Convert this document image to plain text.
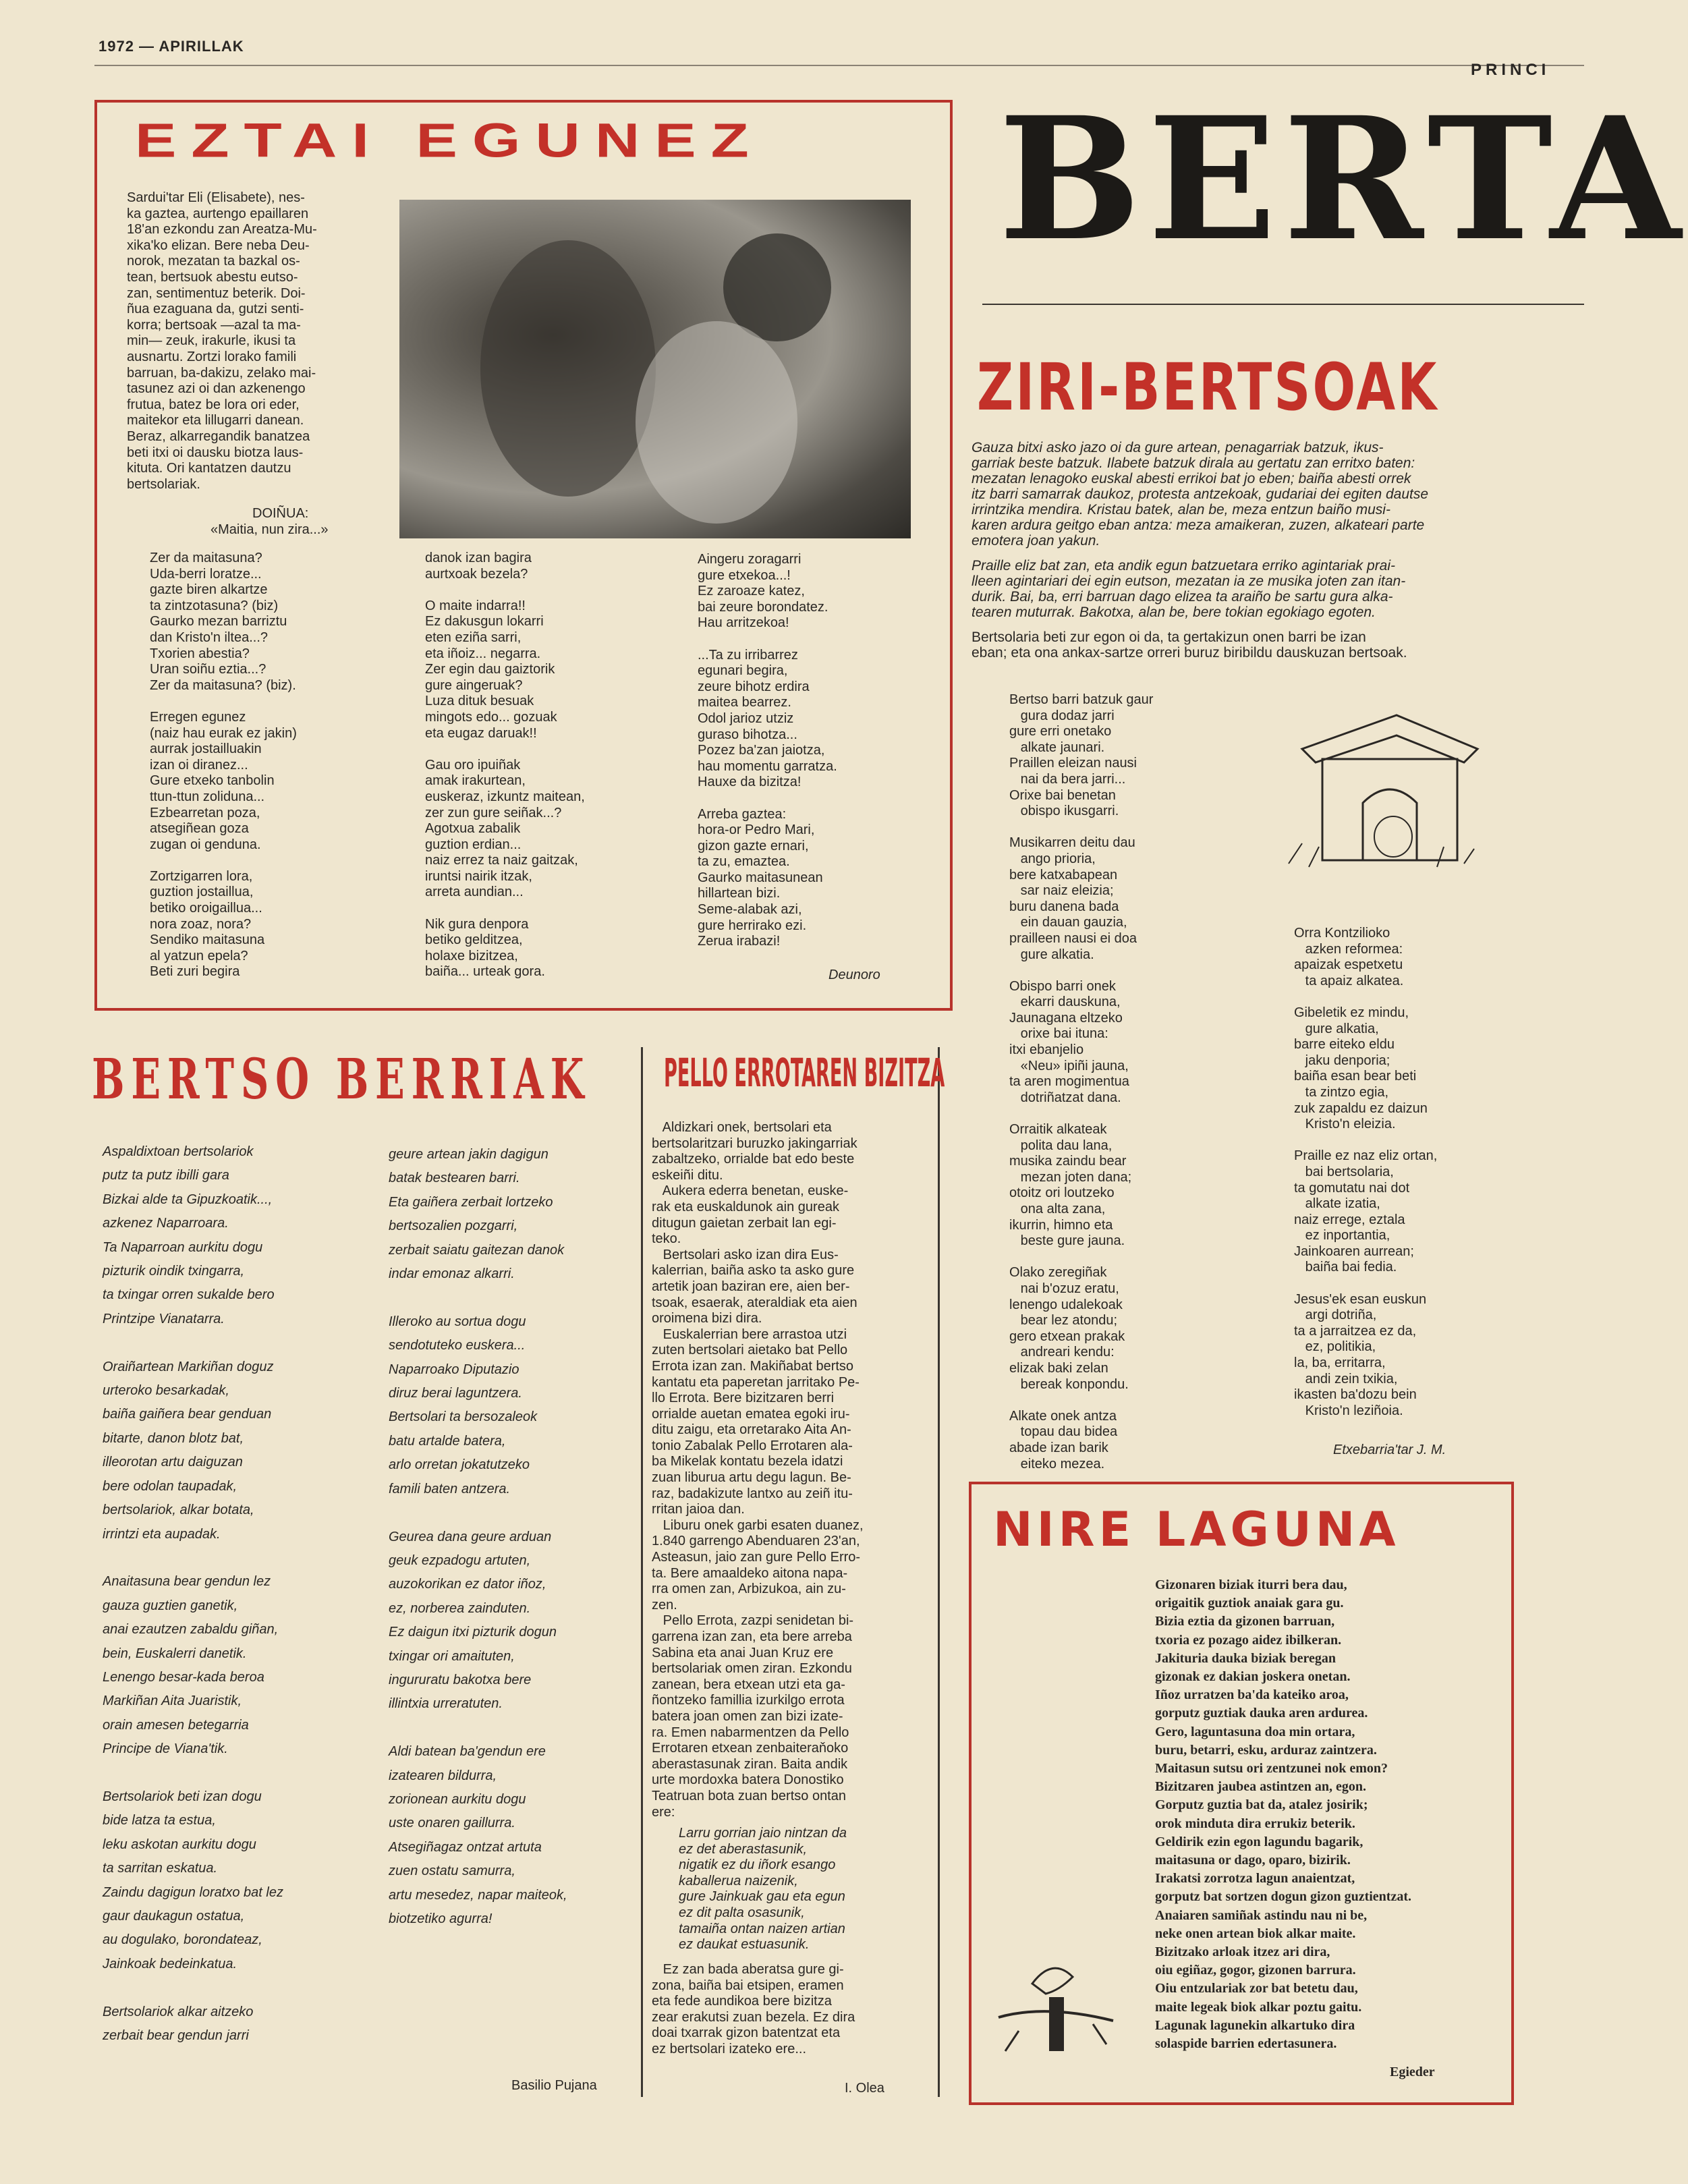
1972 — APIRILLAK
PRINCI
EZTAI EGUNEZ
Sardui'tar Eli (Elisabete), nes-
ka gaztea, aurtengo epaillaren
18'an ezkondu zan Areatza-Mu-
xika'ko elizan. Bere neba Deu-
norok, mezatan ta bazkal os-
tean, bertsuok abestu eutso-
zan, sentimentuz beterik. Doi-
ñua ezaguana da, gutzi senti-
korra; bertsoak —azal ta ma-
min— zeuk, irakurle, ikusi ta
ausnartu. Zortzi lorako famili
barruan, ba-dakizu, zelako mai-
tasunez azi oi dan azkenengo
frutua, batez be lora ori eder,
maitekor eta lillugarri danean.
Beraz, alkarregandik banatzea
beti itxi oi dausku biotza laus-
kituta. Ori kantatzen dautzu
bertsolariak.
DOIÑUA:
«Maitia, nun zira...»
Zer da maitasuna?
Uda-berri loratze...
gazte biren alkartze
ta zintzotasuna? (biz)
Gaurko mezan barriztu
dan Kristo'n iltea...?
Txorien abestia?
Uran soiñu eztia...?
Zer da maitasuna? (biz).

Erregen egunez
(naiz hau eurak ez jakin)
aurrak jostailluakin
izan oi diranez...
Gure etxeko tanbolin
ttun-ttun zoliduna...
Ezbearretan poza,
atsegiñean goza
zugan oi genduna.

Zortzigarren lora,
guztion jostaillua,
betiko oroigaillua...
nora zoaz, nora?
Sendiko maitasuna
al yatzun epela?
Beti zuri begira
danok izan bagira
aurtxoak bezela?

O maite indarra!!
Ez dakusgun lokarri
eten eziña sarri,
eta iñoiz... negarra.
Zer egin dau gaiztorik
gure aingeruak?
Luza dituk besuak
mingots edo... gozuak
eta eugaz daruak!!

Gau oro ipuiñak
amak irakurtean,
euskeraz, izkuntz maitean,
zer zun gure seiñak...?
Agotxua zabalik
guztion erdian...
naiz errez ta naiz gaitzak,
iruntsi nairik itzak,
arreta aundian...

Nik gura denpora
betiko gelditzea,
holaxe bizitzea,
baiña... urteak gora.
Aingeru zoragarri
gure etxekoa...!
Ez zaroaze katez,
bai zeure borondatez.
Hau arritzekoa!

...Ta zu irribarrez
egunari begira,
zeure bihotz erdira
maitea bearrez.
Odol jarioz utziz
guraso bihotza...
Pozez ba'zan jaiotza,
hau momentu garratza.
Hauxe da bizitza!

Arreba gaztea:
hora-or Pedro Mari,
gizon gazte ernari,
ta zu, emaztea.
Gaurko maitasunean
hillartean bizi.
Seme-alabak azi,
gure herrirako ezi.
Zerua irabazi!
Deunoro
BERTA
ZIRI-BERTSOAK
Gauza bitxi asko jazo oi da gure artean, penagarriak batzuk, ikus-
garriak beste batzuk. Ilabete batzuk dirala au gertatu zan erritxo baten:
mezatan lenagoko euskal abesti errikoi bat jo eben; baiña abesti orrek
itz barri samarrak daukoz, protesta antzekoak, gudariai dei egiten dautse
irrintzika mendira. Kristau batek, alan be, meza entzun baiño musi-
karen ardura geitgo eban antza: meza amaikeran, zuzen, alkateari parte
emotera joan yakun.
Praille eliz bat zan, eta andik egun batzuetara erriko agintariak prai-
lleen agintariari dei egin eutson, mezatan ia ze musika joten zan itan-
durik. Bai, ba, erri barruan dago elizea ta araiño be sartu gura alka-
tearen muturrak. Bakotxa, alan be, bere tokian egokiago egoten.
Bertsolaria beti zur egon oi da, ta gertakizun onen barri be izan
eban; eta ona ankax-sartze orreri buruz biribildu dauskuzan bertsoak.
Bertso barri batzuk gaur
gura dodaz jarri
gure erri onetako
alkate jaunari.
Praillen eleizan nausi
nai da bera jarri...
Orixe bai benetan
obispo ikusgarri.

Musikarren deitu dau
ango prioria,
bere katxabapean
sar naiz eleizia;
buru danena bada
ein dauan gauzia,
prailleen nausi ei doa
gure alkatia.

Obispo barri onek
ekarri dauskuna,
Jaunagana eltzeko
orixe bai ituna:
itxi ebanjelio
«Neu» ipiñi jauna,
ta aren mogimentua
dotriñatzat dana.

Orraitik alkateak
polita dau lana,
musika zaindu bear
mezan joten dana;
otoitz ori loutzeko
ona alta zana,
ikurrin, himno eta
beste gure jauna.

Olako zeregiñak
nai b'ozuz eratu,
lenengo udalekoak
bear lez atondu;
gero etxean prakak
andreari kendu:
elizak baki zelan
bereak konpondu.

Alkate onek antza
topau dau bidea
abade izan barik
eiteko mezea.
Orra Kontzilioko
azken reformea:
apaizak espetxetu
ta apaiz alkatea.

Gibeletik ez mindu,
gure alkatia,
barre eiteko eldu
jaku denporia;
baiña esan bear beti
ta zintzo egia,
zuk zapaldu ez daizun
Kristo'n eleizia.

Praille ez naz eliz ortan,
bai bertsolaria,
ta gomutatu nai dot
alkate izatia,
naiz errege, eztala
ez inportantia,
Jainkoaren aurrean;
baiña bai fedia.

Jesus'ek esan euskun
argi dotriña,
ta a jarraitzea ez da,
ez, politikia,
la, ba, erritarra,
andi zein txikia,
ikasten ba'dozu bein
Kristo'n leziñoia.
Etxebarria'tar J. M.
BERTSO BERRIAK
Aspaldixtoan bertsolariok
putz ta putz ibilli gara
Bizkai alde ta Gipuzkoatik...,
azkenez Naparroara.
Ta Naparroan aurkitu dogu
pizturik oindik txingarra,
ta txingar orren sukalde bero
Printzipe Vianatarra.

Oraiñartean Markiñan doguz
urteroko besarkadak,
baiña gaiñera bear genduan
bitarte, danon blotz bat,
illeorotan artu daiguzan
bere odolan taupadak,
bertsolariok, alkar botata,
irrintzi eta aupadak.

Anaitasuna bear gendun lez
gauza guztien ganetik,
anai ezautzen zabaldu giñan,
bein, Euskalerri danetik.
Lenengo besar-kada beroa
Markiñan Aita Juaristik,
orain amesen betegarria
Principe de Viana'tik.

Bertsolariok beti izan dogu
bide latza ta estua,
leku askotan aurkitu dogu
ta sarritan eskatua.
Zaindu dagigun loratxo bat lez
gaur daukagun ostatua,
au dogulako, borondateaz,
Jainkoak bedeinkatua.

Bertsolariok alkar aitzeko
zerbait bear gendun jarri
geure artean jakin dagigun
batak bestearen barri.
Eta gaiñera zerbait lortzeko
bertsozalien pozgarri,
zerbait saiatu gaitezan danok
indar emonaz alkarri.

Illeroko au sortua dogu
sendotuteko euskera...
Naparroako Diputazio
diruz berai laguntzera.
Bertsolari ta bersozaleok
batu artalde batera,
arlo orretan jokatutzeko
famili baten antzera.

Geurea dana geure arduan
geuk ezpadogu artuten,
auzokorikan ez dator iñoz,
ez, norberea zainduten.
Ez daigun itxi pizturik dogun
txingar ori amaituten,
ingururatu bakotxa bere
illintxia urreratuten.

Aldi batean ba'gendun ere
izatearen bildurra,
zorionean aurkitu dogu
uste onaren gaillurra.
Atsegiñagaz ontzat artuta
zuen ostatu samurra,
artu mesedez, napar maiteok,
biotzetiko agurra!
Basilio Pujana
PELLO ERROTAREN BIZITZA
Aldizkari onek, bertsolari eta
bertsolaritzari buruzko jakingarriak
zabaltzeko, orrialde bat edo beste
eskeiñi ditu.
Aukera ederra benetan, euske-
rak eta euskaldunok ain gureak
ditugun gaietan zerbait lan egi-
teko.
Bertsolari asko izan dira Eus-
kalerrian, baiña asko ta asko gure
artetik joan baziran ere, aien ber-
tsoak, esaerak, ateraldiak eta aien
oroimena bizi dira.
Euskalerrian bere arrastoa utzi
zuten bertsolari aietako bat Pello
Errota izan zan. Makiñabat bertso
kantatu eta paperetan jarritako Pe-
llo Errota. Bere bizitzaren berri
orrialde auetan ematea egoki iru-
ditu zaigu, eta orretarako Aita An-
tonio Zabalak Pello Errotaren ala-
ba Mikelak kontatu bezela idatzi
zuan liburua artu degu lagun. Be-
raz, badakizute lantxo au zeiñ itu-
rritan jaioa dan.
Liburu onek garbi esaten duanez,
1.840 garrengo Abenduaren 23'an,
Asteasun, jaio zan gure Pello Erro-
ta. Bere amaaldeko aitona napa-
rra omen zan, Arbizukoa, ain zu-
zen.
Pello Errota, zazpi senidetan bi-
garrena izan zan, eta bere arreba
Sabina eta anai Juan Kruz ere
bertsolariak omen ziran. Ezkondu
zanean, bera etxean utzi eta ga-
ñontzeko famillia izurkilgo errota
batera joan omen zan bizi izate-
ra. Emen nabarmentzen da Pello
Errotaren etxean zenbaiteraňoko
aberastasunak ziran. Baita andik
urte mordoxka batera Donostiko
Teatruan bota zuan bertso ontan
ere:
Larru gorrian jaio nintzan da
ez det aberastasunik,
nigatik ez du iñork esango
kaballerua naizenik,
gure Jainkuak gau eta egun
ez dit palta osasunik,
tamaiña ontan naizen artian
ez daukat estuasunik.
Ez zan bada aberatsa gure gi-
zona, baiña bai etsipen, eramen
eta fede aundikoa bere bizitza
zear erakutsi zuan bezela. Ez dira
doai txarrak gizon batentzat eta
ez bertsolari izateko ere...
I. Olea
NIRE LAGUNA
Gizonaren biziak iturri bera dau,
origaitik guztiok anaiak gara gu.
Bizia eztia da gizonen barruan,
txoria ez pozago aidez ibilkeran.
Jakituria dauka biziak beregan
gizonak ez dakian joskera onetan.
Iñoz urratzen ba'da kateiko aroa,
gorputz guztiak dauka aren ardurea.
Gero, laguntasuna doa min ortara,
buru, betarri, esku, arduraz zaintzera.
Maitasun sutsu ori zentzunei nok emon?
Bizitzaren jaubea astintzen an, egon.
Gorputz guztia bat da, atalez josirik;
orok minduta dira errukiz beterik.
Geldirik ezin egon lagundu bagarik,
maitasuna or dago, oparo, bizirik.
Irakatsi zorrotza lagun anaientzat,
gorputz bat sortzen dogun gizon guztientzat.
Anaiaren samiñak astindu nau ni be,
neke onen artean biok alkar maite.
Bizitzako arloak itzez ari dira,
oiu egiñaz, gogor, gizonen barrura.
Oiu entzulariak zor bat betetu dau,
maite legeak biok alkar poztu gaitu.
Lagunak lagunekin alkartuko dira
solaspide barrien edertasunera.
Egieder
